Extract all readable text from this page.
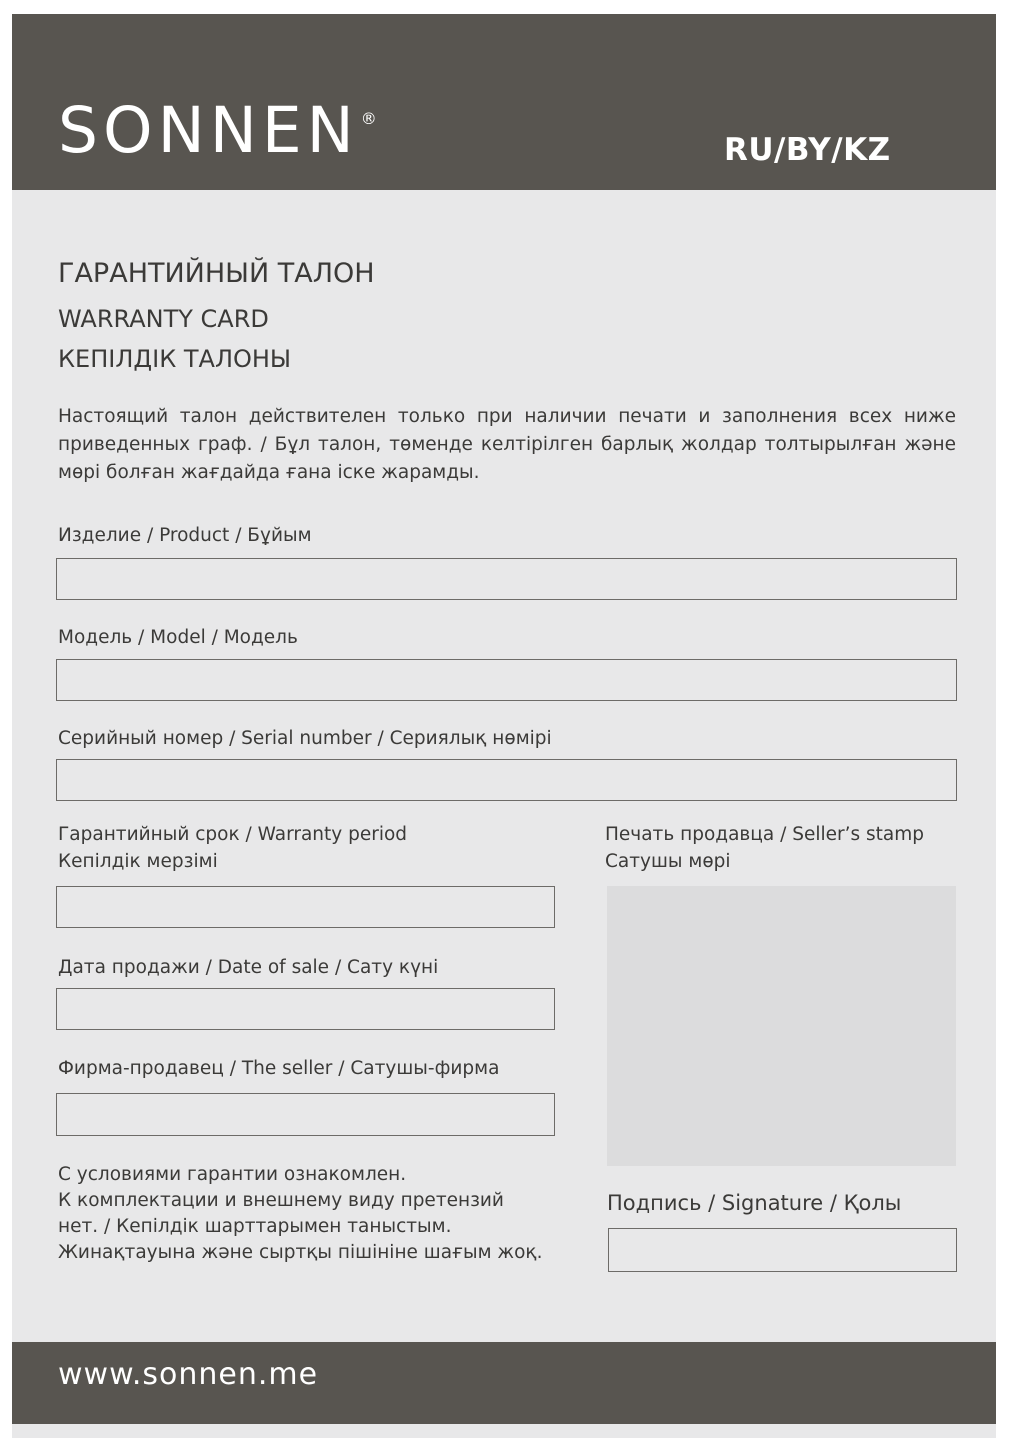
SONNEN ®
RU/BY/KZ
ГАРАНТИЙНЫЙ ТАЛОН
WARRANTY CARD
КЕПІЛДІК ТАЛОНЫ
Настоящий талон действителен только при наличии печати и заполнения всех ниже приведенных граф. / Бұл талон, төменде келтірілген барлық жолдар толтырылған және мөрі болған жағдайда ғана іске жарамды.
Изделие / Product / Бұйым
Модель / Model / Модель
Серийный номер / Serial number / Сериялық нөмірі
Гарантийный срок / Warranty period
Кепілдік мерзімі
Дата продажи / Date of sale / Сату күні
Фирма-продавец / The seller / Сатушы-фирма
Печать продавца / Seller’s stamp
Сатушы мөрі
С условиями гарантии ознакомлен.
К комплектации и внешнему виду претензий
нет. / Кепілдік шарттарымен таныстым.
Жинақтауына және сыртқы пішініне шағым жоқ.
Подпись / Signature / Қолы
www.sonnen.me
